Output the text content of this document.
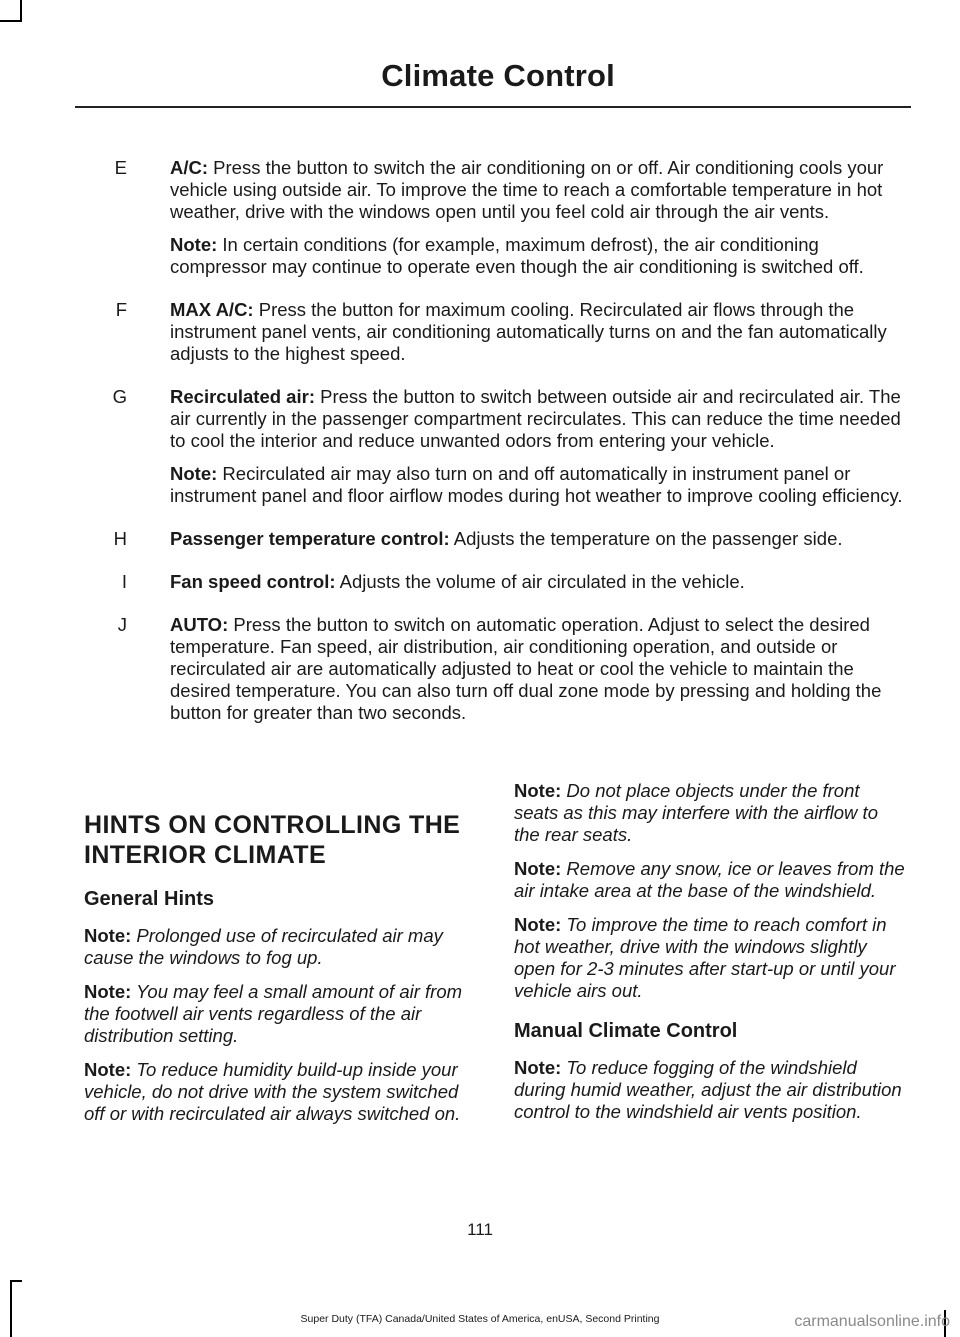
Climate Control
E	A/C: Press the button to switch the air conditioning on or off. Air conditioning cools your vehicle using outside air. To improve the time to reach a comfortable temperature in hot weather, drive with the windows open until you feel cold air through the air vents.

Note: In certain conditions (for example, maximum defrost), the air conditioning compressor may continue to operate even though the air conditioning is switched off.

F	MAX A/C: Press the button for maximum cooling. Recirculated air flows through the instrument panel vents, air conditioning automatically turns on and the fan automatically adjusts to the highest speed.

G	Recirculated air: Press the button to switch between outside air and recirculated air. The air currently in the passenger compartment recirculates. This can reduce the time needed to cool the interior and reduce unwanted odors from entering your vehicle.

Note: Recirculated air may also turn on and off automatically in instrument panel or instrument panel and floor airflow modes during hot weather to improve cooling efficiency.

H	Passenger temperature control: Adjusts the temperature on the passenger side.

I	Fan speed control: Adjusts the volume of air circulated in the vehicle.

J	AUTO: Press the button to switch on automatic operation. Adjust to select the desired temperature. Fan speed, air distribution, air conditioning operation, and outside or recirculated air are automatically adjusted to heat or cool the vehicle to maintain the desired temperature. You can also turn off dual zone mode by pressing and holding the button for greater than two seconds.

HINTS ON CONTROLLING THE
INTERIOR CLIMATE
General Hints

Note: Prolonged use of recirculated air may cause the windows to fog up.

Note: You may feel a small amount of air from the footwell air vents regardless of the air distribution setting.

Note: To reduce humidity build-up inside your vehicle, do not drive with the system switched off or with recirculated air always switched on.

Note: Do not place objects under the front seats as this may interfere with the airflow to the rear seats.

Note: Remove any snow, ice or leaves from the air intake area at the base of the windshield.

Note: To improve the time to reach comfort in hot weather, drive with the windows slightly open for 2-3 minutes after start-up or until your vehicle airs out.

Manual Climate Control

Note: To reduce fogging of the windshield during humid weather, adjust the air distribution control to the windshield air vents position.

111
Super Duty (TFA) Canada/United States of America, enUSA, Second Printing	carmanualsonline.info
